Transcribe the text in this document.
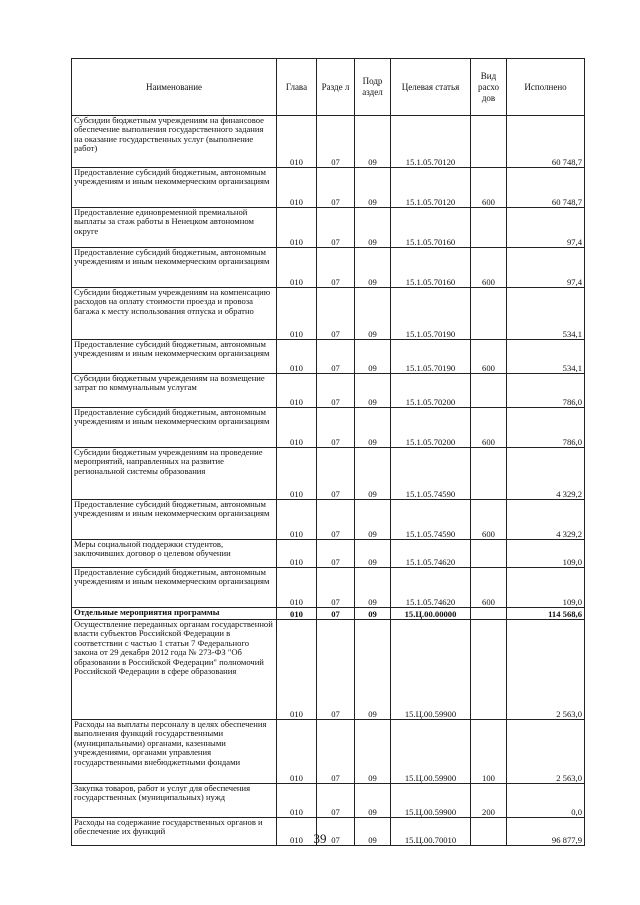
Наименование	Глава	Разде л	Подр аздел	Целевая статья	Вид расхо дов	Исполнено
Субсидии бюджетным учреждениям на финансовое обеспечение выполнения государственного задания на оказание государственных услуг (выполнение работ)	010	07	09	15.1.05.70120		60 748,7
Предоставление субсидий бюджетным, автономным учреждениям и иным некоммерческим организациям	010	07	09	15.1.05.70120	600	60 748,7
Предоставление единовременной премиальной выплаты за стаж работы в Ненецком автономном округе	010	07	09	15.1.05.70160		97,4
Предоставление субсидий бюджетным, автономным учреждениям и иным некоммерческим организациям	010	07	09	15.1.05.70160	600	97,4
Субсидии бюджетным учреждениям на компенсацию расходов на оплату стоимости проезда и провоза багажа к месту использования отпуска и обратно	010	07	09	15.1.05.70190		534,1
Предоставление субсидий бюджетным, автономным учреждениям и иным некоммерческим организациям	010	07	09	15.1.05.70190	600	534,1
Субсидии бюджетным учреждениям на возмещение затрат по коммунальным услугам	010	07	09	15.1.05.70200		786,0
Предоставление субсидий бюджетным, автономным учреждениям и иным некоммерческим организациям	010	07	09	15.1.05.70200	600	786,0
Субсидии бюджетным учреждениям на проведение мероприятий, направленных на развитие региональной системы образования	010	07	09	15.1.05.74590		4 329,2
Предоставление субсидий бюджетным, автономным учреждениям и иным некоммерческим организациям	010	07	09	15.1.05.74590	600	4 329,2
Меры социальной поддержки студентов, заключивших договор о целевом обучении	010	07	09	15.1.05.74620		109,0
Предоставление субсидий бюджетным, автономным учреждениям и иным некоммерческим организациям	010	07	09	15.1.05.74620	600	109,0
Отдельные мероприятия программы	010	07	09	15.Ц.00.00000		114 568,6
Осуществление переданных органам государственной власти субъектов Российской Федерации в соответствии с частью 1 статьи 7 Федерального закона от 29 декабря 2012 года № 273-ФЗ "Об образовании в Российской Федерации" полномочий Российской Федерации в сфере образования	010	07	09	15.Ц.00.59900		2 563,0
Расходы на выплаты персоналу в целях обеспечения выполнения функций государственными (муниципальными) органами, казенными учреждениями, органами управления государственными внебюджетными фондами	010	07	09	15.Ц.00.59900	100	2 563,0
Закупка товаров, работ и услуг для обеспечения государственных (муниципальных) нужд	010	07	09	15.Ц.00.59900	200	0,0
Расходы на содержание государственных органов и обеспечение их функций	010	07	09	15.Ц.00.70010		96 877,9
39
